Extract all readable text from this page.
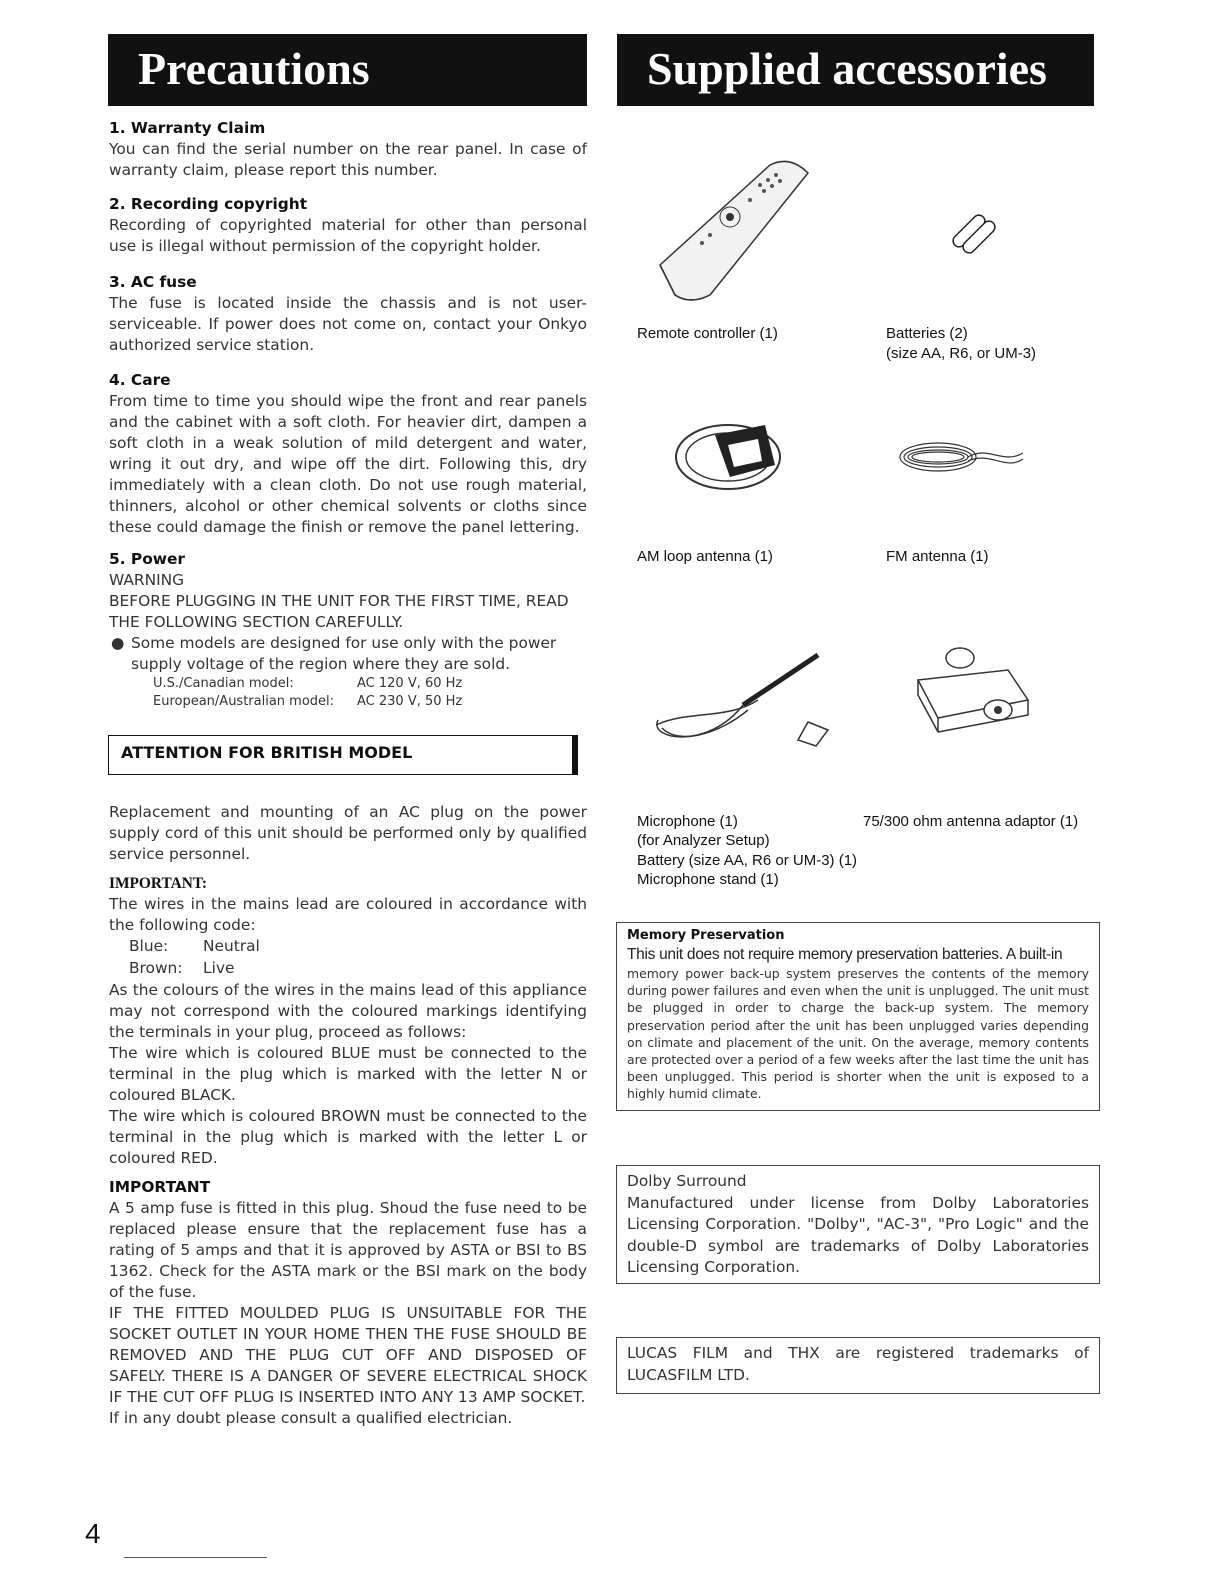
Precautions	Supplied accessories
1. Warranty Claim

You can find the serial number on the rear panel. In case of warranty claim, please report this number.

2. Recording copyright

Recording of copyrighted material for other than personal use is illegal without permission of the copyright holder.

3. AC fuse

The fuse is located inside the chassis and is not user-serviceable. If power does not come on, contact your Onkyo authorized service station.

4. Care

From time to time you should wipe the front and rear panels and the cabinet with a soft cloth. For heavier dirt, dampen a soft cloth in a weak solution of mild detergent and water, wring it out dry, and wipe off the dirt. Following this, dry immediately with a clean cloth. Do not use rough material, thinners, alcohol or other chemical solvents or cloths since these could damage the finish or remove the panel lettering.

5. Power

WARNING

BEFORE PLUGGING IN THE UNIT FOR THE FIRST TIME, READ THE FOLLOWING SECTION CAREFULLY.

● Some models are designed for use only with the power supply voltage of the region where they are sold.
U.S./Canadian model:	AC 120 V, 60 Hz
European/Australian model: AC 230 V, 50 Hz
ATTENTION FOR BRITISH MODEL

Replacement and mounting of an AC plug on the power supply cord of this unit should be performed only by qualified service personnel.

IMPORTANT:

The wires in the mains lead are coloured in accordance with the following code:

Blue: Neutral
Brown: Live

As the colours of the wires in the mains lead of this appliance may not correspond with the coloured markings identifying the terminals in your plug, proceed as follows:

The wire which is coloured BLUE must be connected to the terminal in the plug which is marked with the letter N or coloured BLACK.

The wire which is coloured BROWN must be connected to the terminal in the plug which is marked with the letter L or coloured RED.

IMPORTANT

A 5 amp fuse is fitted in this plug. Shoud the fuse need to be replaced please ensure that the replacement fuse has a rating of 5 amps and that it is approved by ASTA or BSI to BS 1362. Check for the ASTA mark or the BSI mark on the body of the fuse.

IF THE FITTED MOULDED PLUG IS UNSUITABLE FOR THE SOCKET OUTLET IN YOUR HOME THEN THE FUSE SHOULD BE REMOVED AND THE PLUG CUT OFF AND DISPOSED OF SAFELY. THERE IS A DANGER OF SEVERE ELECTRICAL SHOCK IF THE CUT OFF PLUG IS INSERTED INTO ANY 13 AMP SOCKET.

If in any doubt please consult a qualified electrician.

Remote controller (1)	Batteries (2)
(size AA, R6, or UM-3)
AM loop antenna (1)	FM antenna (1)
Microphone (1)
(for Analyzer Setup)
Battery (size AA, R6 or UM-3) (1)
Microphone stand (1)
75/300 ohm antenna adaptor (1)
Memory Preservation
This unit does not require memory preservation batteries. A built-in
memory power back-up system preserves the contents of the memory during power failures and even when the unit is unplugged. The unit must be plugged in order to charge the back-up system. The memory preservation period after the unit has been unplugged varies depending on climate and placement of the unit. On the average, memory contents are protected over a period of a few weeks after the last time the unit has been unplugged. This period is shorter when the unit is exposed to a highly humid climate.
Dolby Surround
Manufactured under license from Dolby Laboratories Licensing Corporation. "Dolby", "AC-3", "Pro Logic" and the double-D symbol are trademarks of Dolby Laboratories Licensing Corporation.
LUCAS FILM and THX are registered trademarks of LUCASFILM LTD.
4
